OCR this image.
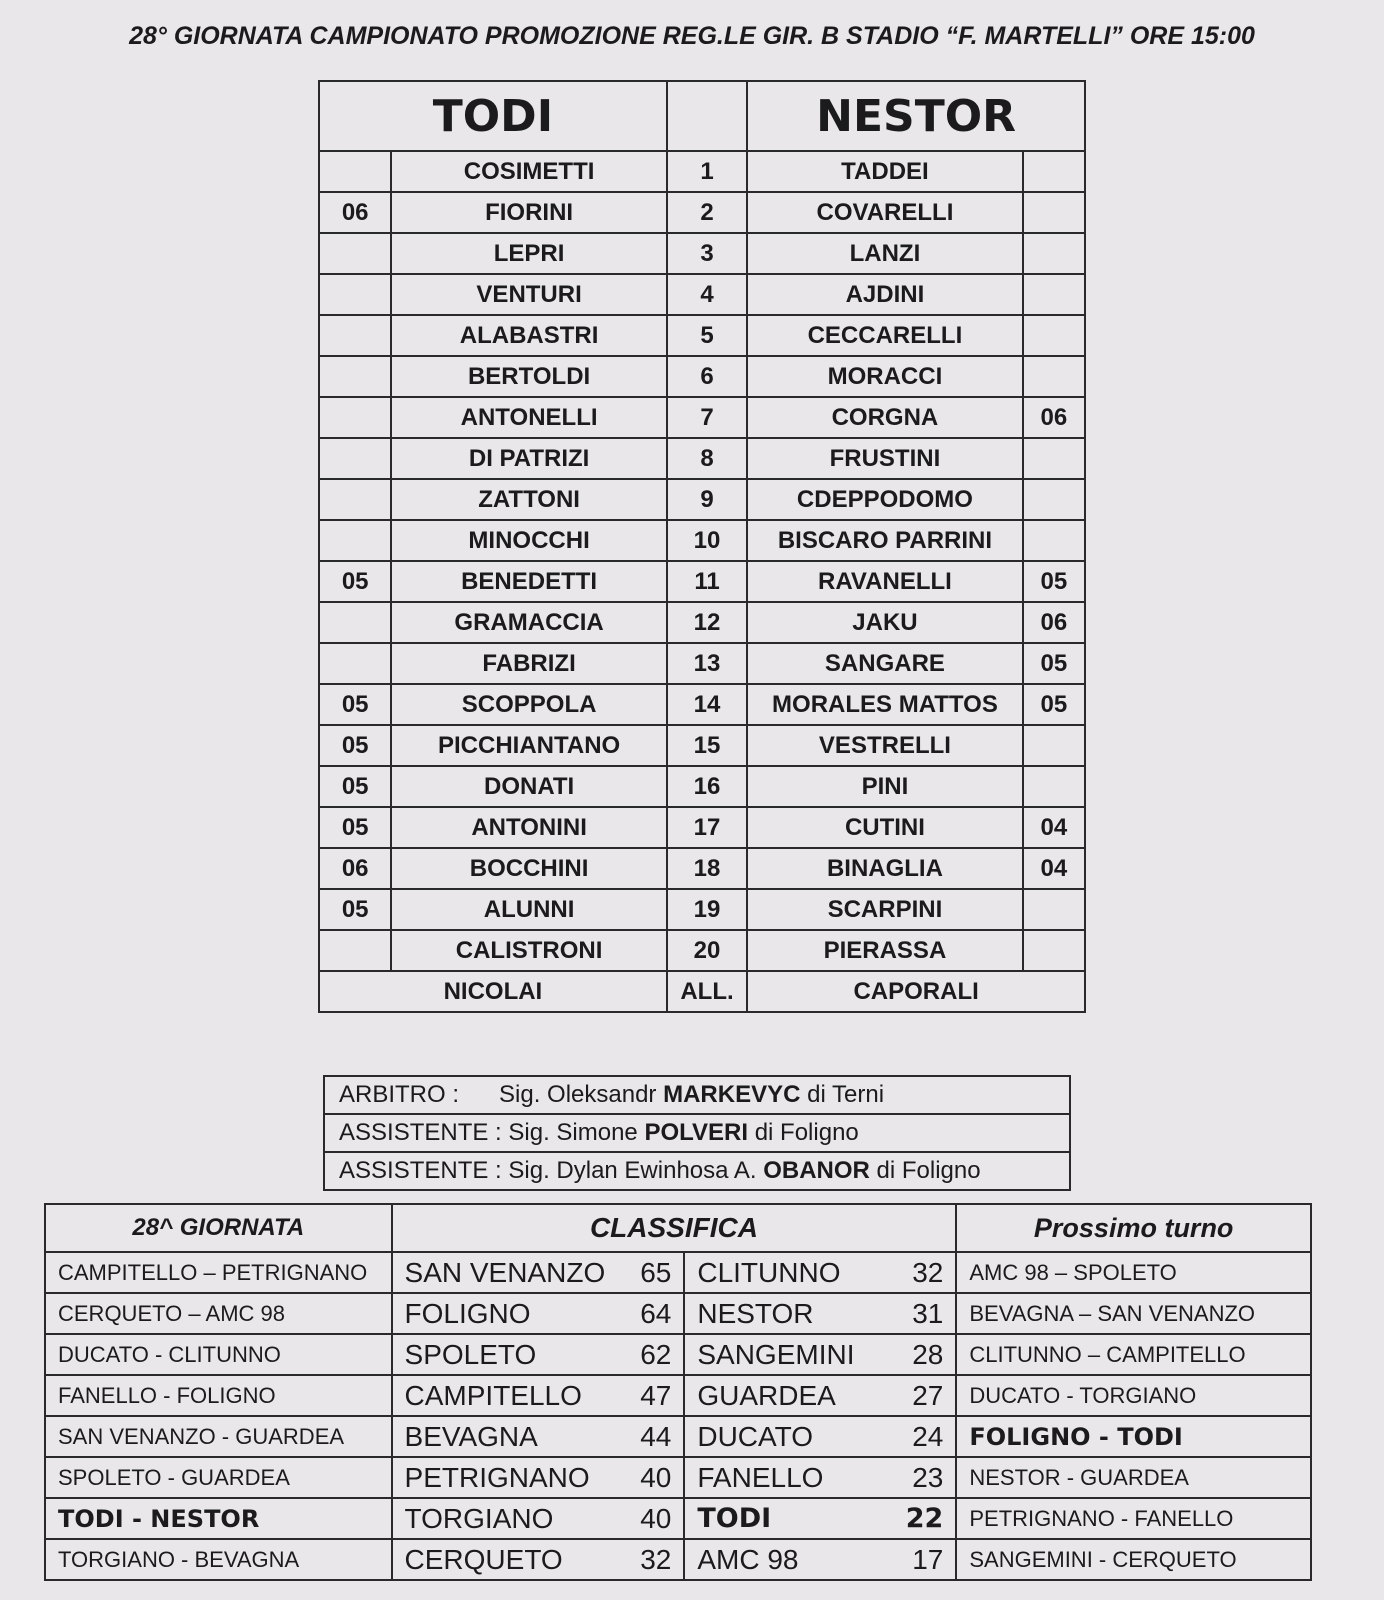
28° GIORNATA CAMPIONATO PROMOZIONE REG.LE GIR. B STADIO “F. MARTELLI” ORE 15:00
TODI			NESTOR	
	COSIMETTI	1	TADDEI	
06	FIORINI	2	COVARELLI	
	LEPRI	3	LANZI	
	VENTURI	4	AJDINI	
	ALABASTRI	5	CECCARELLI	
	BERTOLDI	6	MORACCI	
	ANTONELLI	7	CORGNA	06
	DI PATRIZI	8	FRUSTINI	
	ZATTONI	9	CDEPPODOMO	
	MINOCCHI	10	BISCARO PARRINI	
05	BENEDETTI	11	RAVANELLI	05
	GRAMACCIA	12	JAKU	06
	FABRIZI	13	SANGARE	05
05	SCOPPOLA	14	MORALES MATTOS	05
05	PICCHIANTANO	15	VESTRELLI	
05	DONATI	16	PINI	
05	ANTONINI	17	CUTINI	04
06	BOCCHINI	18	BINAGLIA	04
05	ALUNNI	19	SCARPINI	
	CALISTRONI	20	PIERASSA	
NICOLAI		ALL.	CAPORALI	
ARBITRO : Sig. Oleksandr MARKEVYC di Terni
ASSISTENTE : Sig. Simone POLVERI di Foligno
ASSISTENTE : Sig. Dylan Ewinhosa A. OBANOR di Foligno
28^ GIORNATA	CLASSIFICA				Prossimo turno
CAMPITELLO – PETRIGNANO	SAN VENANZO	65	CLITUNNO	32	AMC 98 – SPOLETO
CERQUETO – AMC 98	FOLIGNO	64	NESTOR	31	BEVAGNA – SAN VENANZO
DUCATO - CLITUNNO	SPOLETO	62	SANGEMINI	28	CLITUNNO – CAMPITELLO
FANELLO - FOLIGNO	CAMPITELLO	47	GUARDEA	27	DUCATO - TORGIANO
SAN VENANZO - GUARDEA	BEVAGNA	44	DUCATO	24	FOLIGNO - TODI
SPOLETO - GUARDEA	PETRIGNANO	40	FANELLO	23	NESTOR - GUARDEA
TODI - NESTOR	TORGIANO	40	TODI	22	PETRIGNANO - FANELLO
TORGIANO - BEVAGNA	CERQUETO	32	AMC 98	17	SANGEMINI - CERQUETO
